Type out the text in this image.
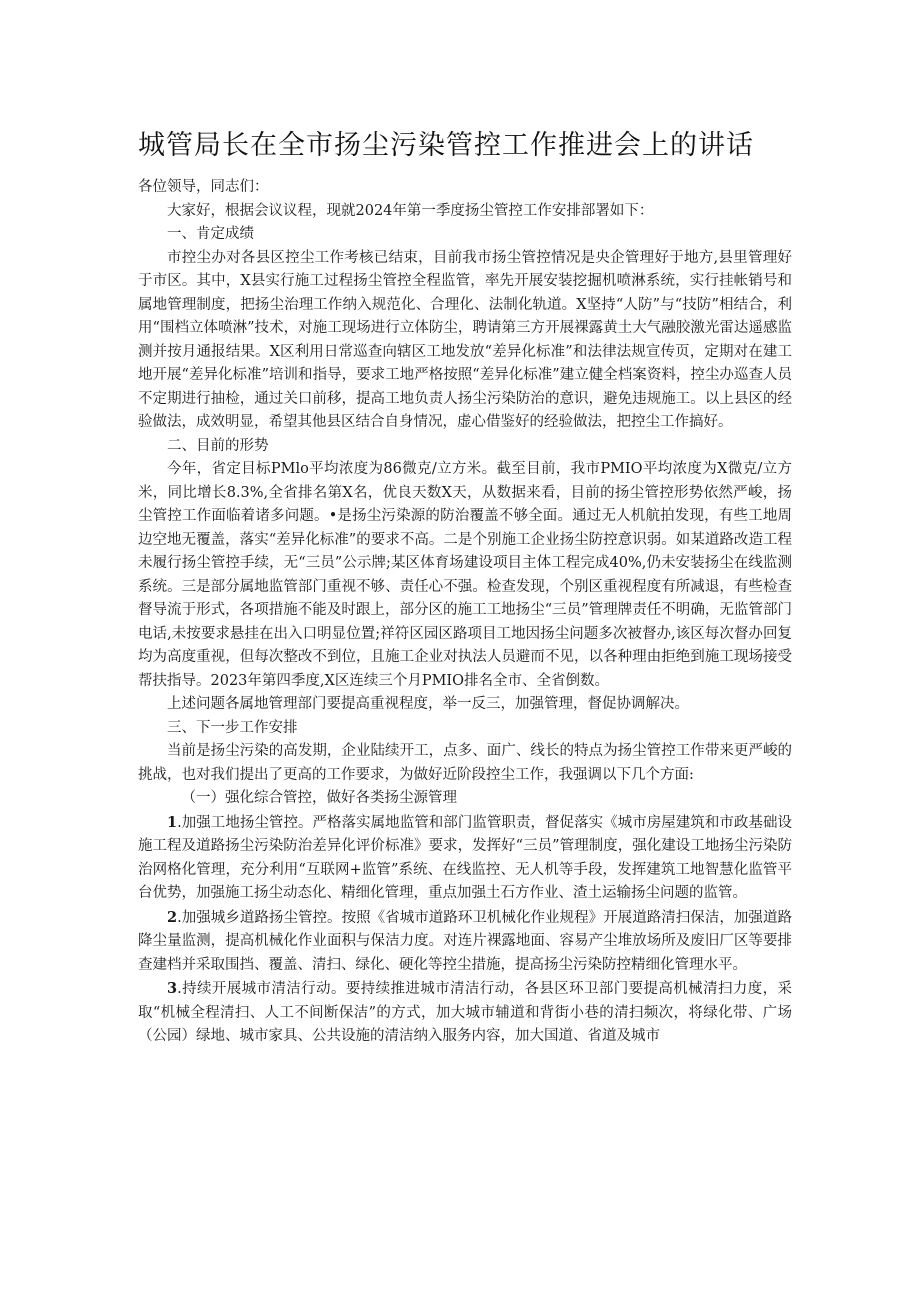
城管局长在全市扬尘污染管控工作推进会上的讲话

各位领导，同志们：

大家好，根据会议议程，现就2024年第一季度扬尘管控工作安排部署如下：

一、肯定成绩

市控尘办对各县区控尘工作考核已结束，目前我市扬尘管控情况是央企管理好于地方,县里管理好于市区。其中，X县实行施工过程扬尘管控全程监管，率先开展安装挖掘机喷淋系统，实行挂帐销号和属地管理制度，把扬尘治理工作纳入规范化、合理化、法制化轨道。X坚持“人防”与“技防”相结合，利用“围档立体喷淋”技术，对施工现场进行立体防尘，聘请第三方开展裸露黄土大气融胶激光雷达遥感监测并按月通报结果。X区利用日常巡查向辖区工地发放“差异化标准”和法律法规宣传页，定期对在建工地开展“差异化标准”培训和指导，要求工地严格按照“差异化标准”建立健全档案资料，控尘办巡查人员不定期进行抽检，通过关口前移，提高工地负责人扬尘污染防治的意识，避免违规施工。以上县区的经验做法，成效明显，希望其他县区结合自身情况，虚心借鉴好的经验做法，把控尘工作搞好。

二、目前的形势

今年，省定目标PMlo平均浓度为86微克/立方米。截至目前，我市PMIO平均浓度为X微克/立方米，同比增长8.3%,全省排名第X名，优良天数X天，从数据来看，目前的扬尘管控形势依然严峻，扬尘管控工作面临着诸多问题。•是扬尘污染源的防治覆盖不够全面。通过无人机航拍发现，有些工地周边空地无覆盖，落实“差异化标准”的要求不高。二是个别施工企业扬尘防控意识弱。如某道路改造工程未履行扬尘管控手续，无“三员”公示牌;某区体育场建设项目主体工程完成40%,仍未安装扬尘在线监测系统。三是部分属地监管部门重视不够、责任心不强。检查发现，个别区重视程度有所减退，有些检查督导流于形式，各项措施不能及时跟上，部分区的施工工地扬尘“三员”管理牌责任不明确，无监管部门电话,未按要求悬挂在出入口明显位置;祥符区园区路项目工地因扬尘问题多次被督办,该区每次督办回复均为高度重视，但每次整改不到位，且施工企业对执法人员避而不见，以各种理由拒绝到施工现场接受帮扶指导。2023年第四季度,X区连续三个月PMIO排名全市、全省倒数。

上述问题各属地管理部门要提高重视程度，举一反三，加强管理，督促协调解决。

三、下一步工作安排

当前是扬尘污染的高发期，企业陆续开工，点多、面广、线长的特点为扬尘管控工作带来更严峻的挑战，也对我们提出了更高的工作要求，为做好近阶段控尘工作，我强调以下几个方面:

（一）强化综合管控，做好各类扬尘源管理

1.加强工地扬尘管控。严格落实属地监管和部门监管职责，督促落实《城市房屋建筑和市政基础设施工程及道路扬尘污染防治差异化评价标准》要求，发挥好“三员”管理制度，强化建设工地扬尘污染防治网格化管理，充分利用“互联网+监管”系统、在线监控、无人机等手段，发挥建筑工地智慧化监管平台优势，加强施工扬尘动态化、精细化管理，重点加强土石方作业、渣土运输扬尘问题的监管。

2.加强城乡道路扬尘管控。按照《省城市道路环卫机械化作业规程》开展道路清扫保洁，加强道路降尘量监测，提高机械化作业面积与保洁力度。对连片裸露地面、容易产尘堆放场所及废旧厂区等要排查建档并采取围挡、覆盖、清扫、绿化、硬化等控尘措施，提高扬尘污染防控精细化管理水平。

3.持续开展城市清洁行动。要持续推进城市清洁行动，各县区环卫部门要提高机械清扫力度，采取“机械全程清扫、人工不间断保洁”的方式，加大城市辅道和背街小巷的清扫频次，将绿化带、广场（公园）绿地、城市家具、公共设施的清洁纳入服务内容，加大国道、省道及城市
